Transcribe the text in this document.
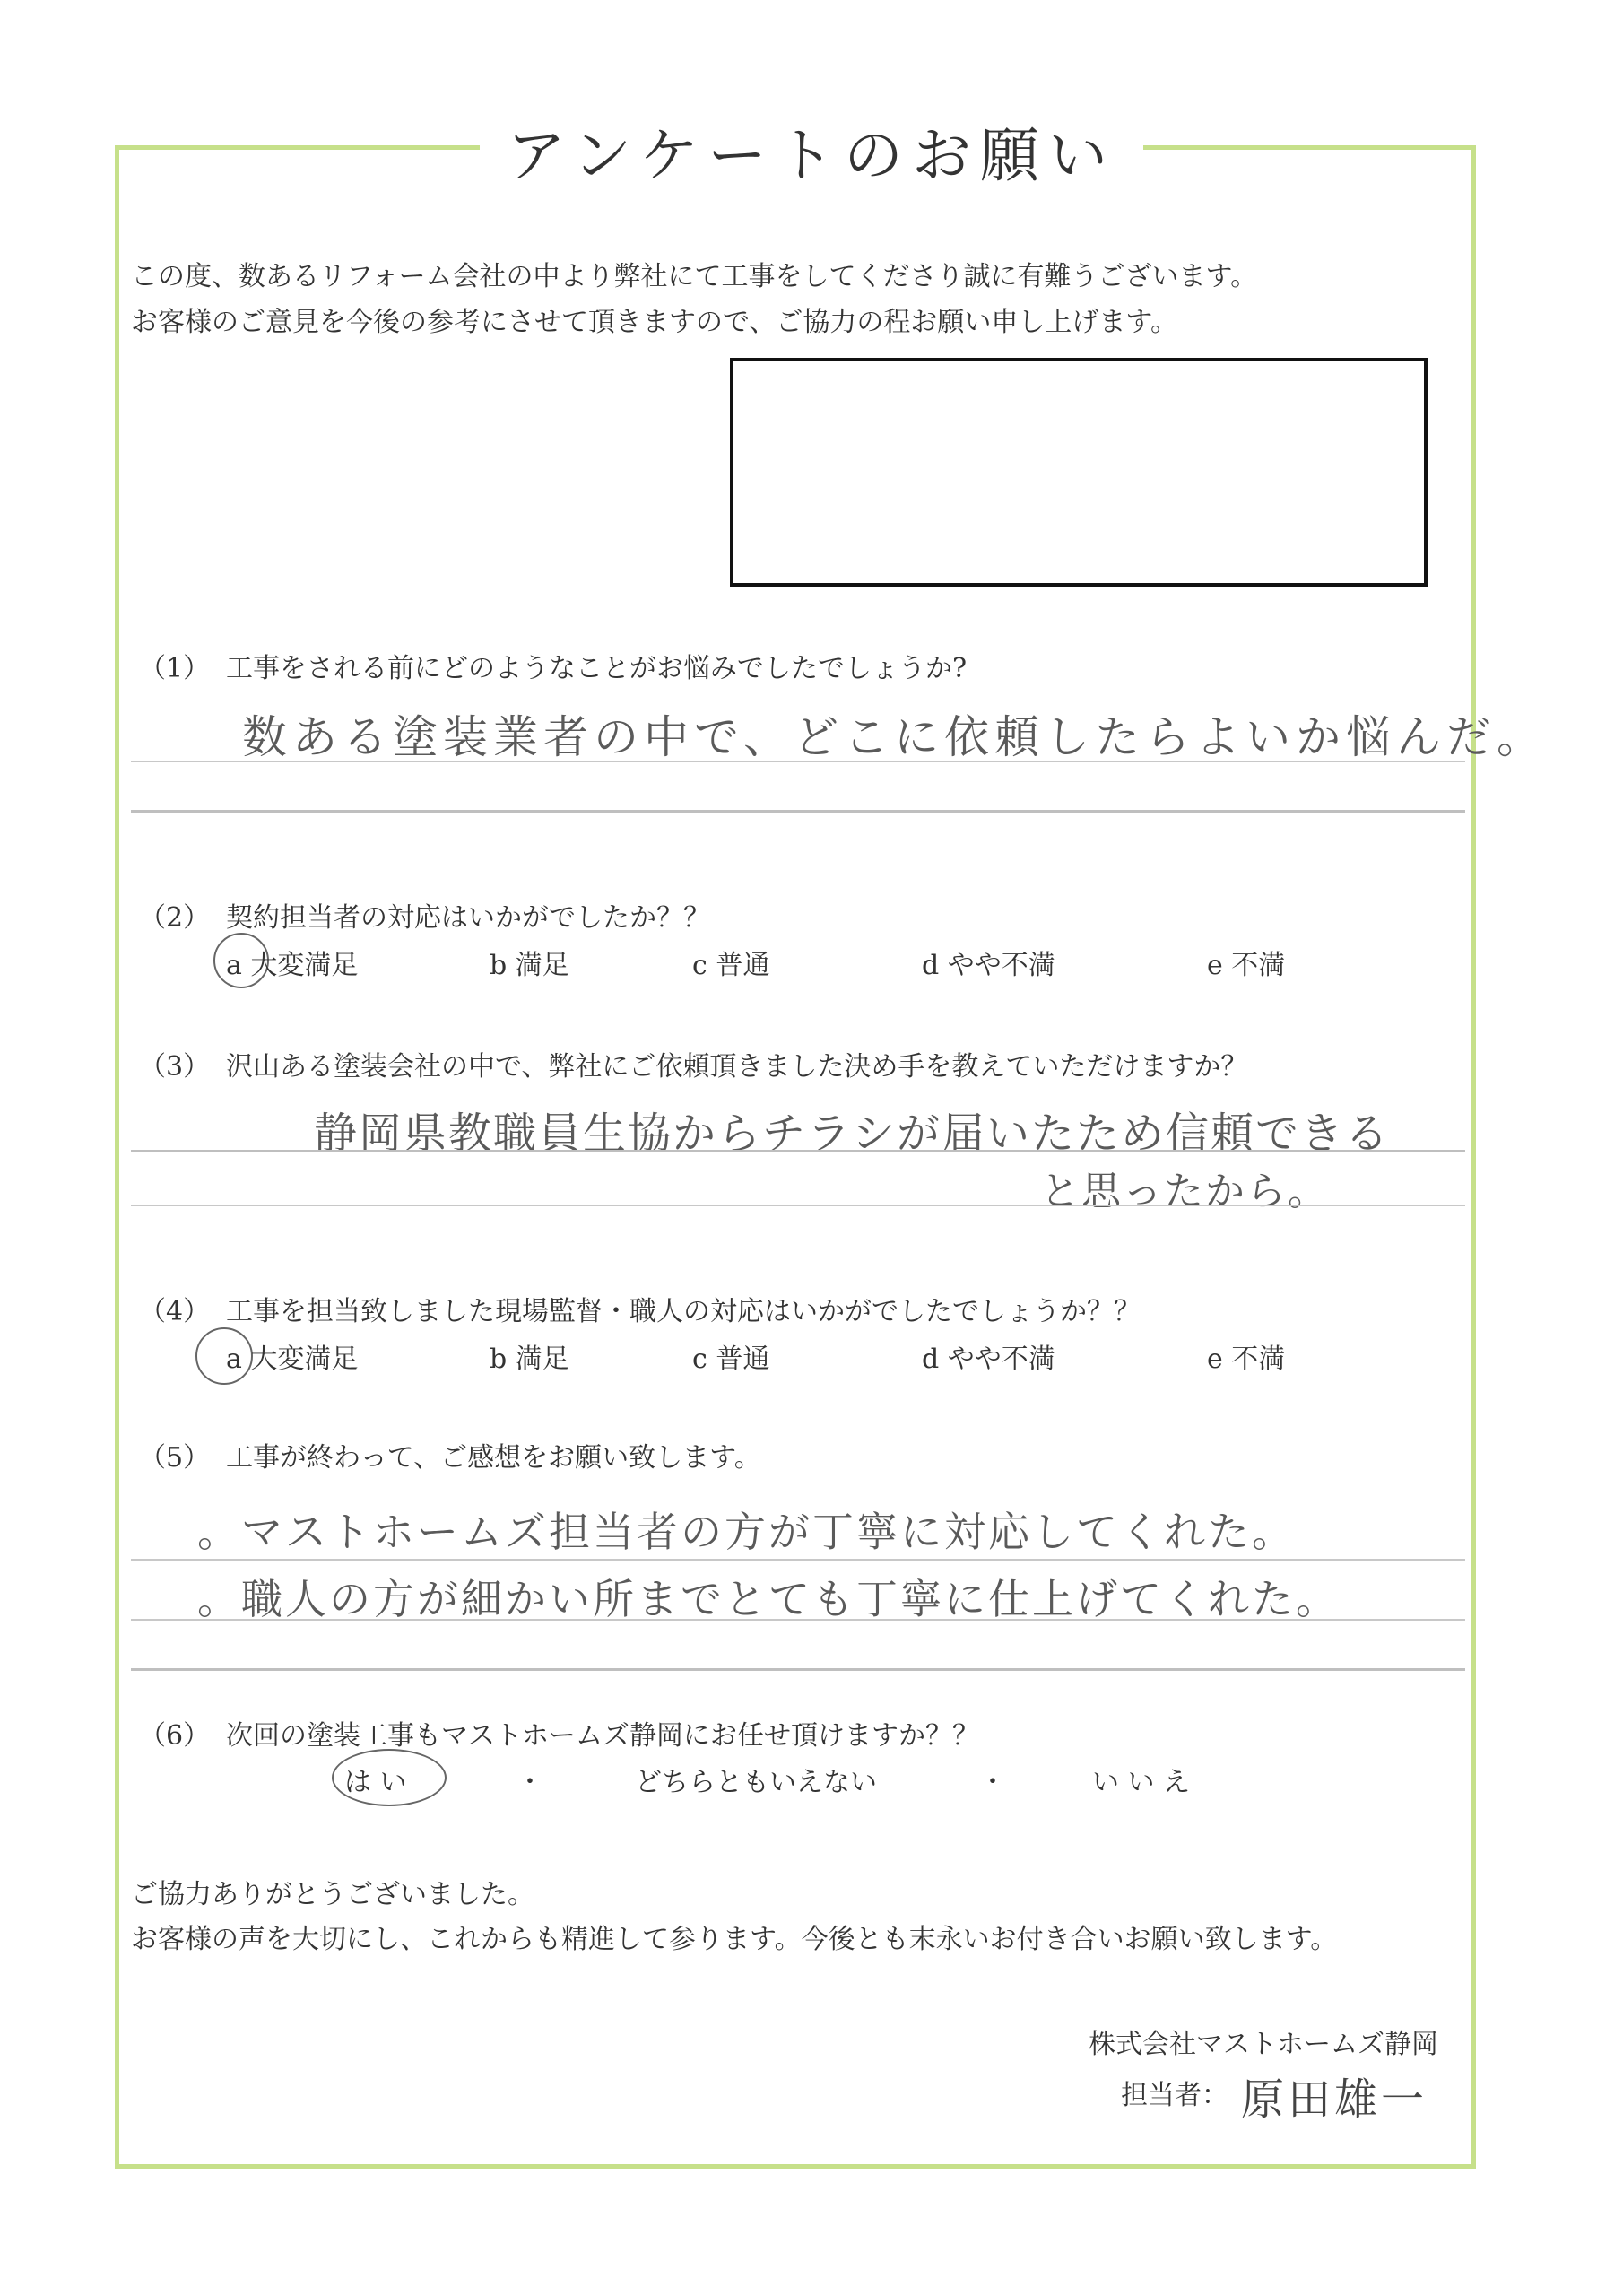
アンケートのお願い
この度、数あるリフォーム会社の中より弊社にて工事をしてくださり誠に有難うございます。
お客様のご意見を今後の参考にさせて頂きますので、ご協力の程お願い申し上げます。
（1） 工事をされる前にどのようなことがお悩みでしたでしょうか?
数ある塗装業者の中で、どこに依頼したらよいか悩んだ。
（2） 契約担当者の対応はいかがでしたか？？
a 大変満足	b 満足	c 普通	d やや不満	e 不満
（3） 沢山ある塗装会社の中で、弊社にご依頼頂きました決め手を教えていただけますか？
静岡県教職員生協からチラシが届いたため信頼できる
と思ったから。
（4） 工事を担当致しました現場監督・職人の対応はいかがでしたでしょうか？？
a 大変満足	b 満足	c 普通	d やや不満	e 不満
（5） 工事が終わって、ご感想をお願い致します。
。マストホームズ担当者の方が丁寧に対応してくれた。
。職人の方が細かい所までとても丁寧に仕上げてくれた。
（6） 次回の塗装工事もマストホームズ静岡にお任せ頂けますか？？
は い	・	どちらともいえない	・	い い え
ご協力ありがとうございました。
お客様の声を大切にし、これからも精進して参ります。今後とも末永いお付き合いお願い致します。
株式会社マストホームズ静岡
担当者： 原田雄一
